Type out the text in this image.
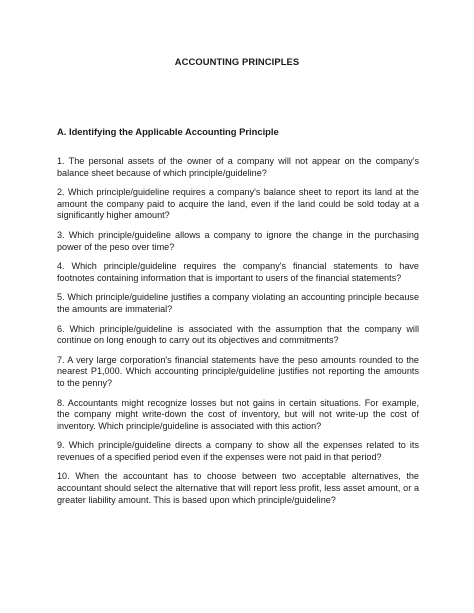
ACCOUNTING PRINCIPLES
A. Identifying the Applicable Accounting Principle
1. The personal assets of the owner of a company will not appear on the company's balance sheet because of which principle/guideline?
2. Which principle/guideline requires a company's balance sheet to report its land at the amount the company paid to acquire the land, even if the land could be sold today at a significantly higher amount?
3. Which principle/guideline allows a company to ignore the change in the purchasing power of the peso over time?
4. Which principle/guideline requires the company's financial statements to have footnotes containing information that is important to users of the financial statements?
5. Which principle/guideline justifies a company violating an accounting principle because the amounts are immaterial?
6. Which principle/guideline is associated with the assumption that the company will continue on long enough to carry out its objectives and commitments?
7. A very large corporation's financial statements have the peso amounts rounded to the nearest P1,000. Which accounting principle/guideline justifies not reporting the amounts to the penny?
8. Accountants might recognize losses but not gains in certain situations. For example, the company might write-down the cost of inventory, but will not write-up the cost of inventory. Which principle/guideline is associated with this action?
9. Which principle/guideline directs a company to show all the expenses related to its revenues of a specified period even if the expenses were not paid in that period?
10. When the accountant has to choose between two acceptable alternatives, the accountant should select the alternative that will report less profit, less asset amount, or a greater liability amount. This is based upon which principle/guideline?
